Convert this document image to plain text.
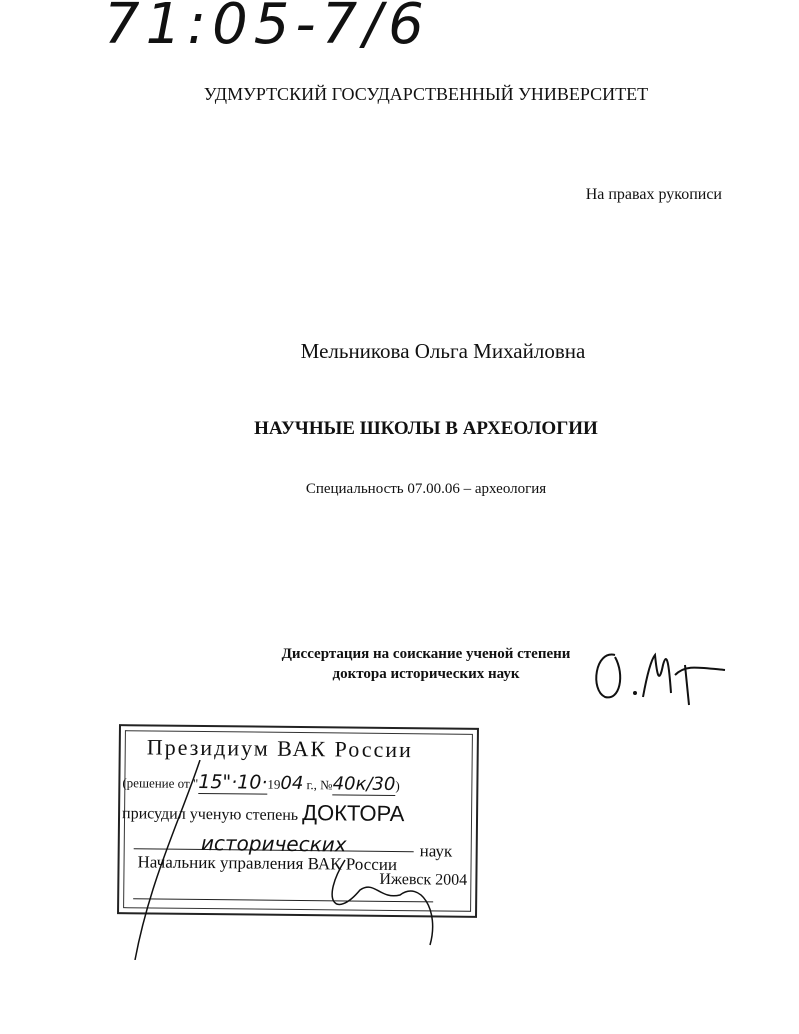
71:05-7/6
УДМУРТСКИЙ ГОСУДАРСТВЕННЫЙ УНИВЕРСИТЕТ
На правах рукописи
Мельникова Ольга Михайловна
НАУЧНЫЕ ШКОЛЫ В АРХЕОЛОГИИ
Специальность 07.00.06 – археология
Диссертация на соискание ученой степени
доктора исторических наук
Президиум ВАК России
(решение от "15"·10·1904 г., №40к/30)
присудил ученую степень ДОКТОРА
исторических	наук
Начальник управления ВАК России
Ижевск 2004
